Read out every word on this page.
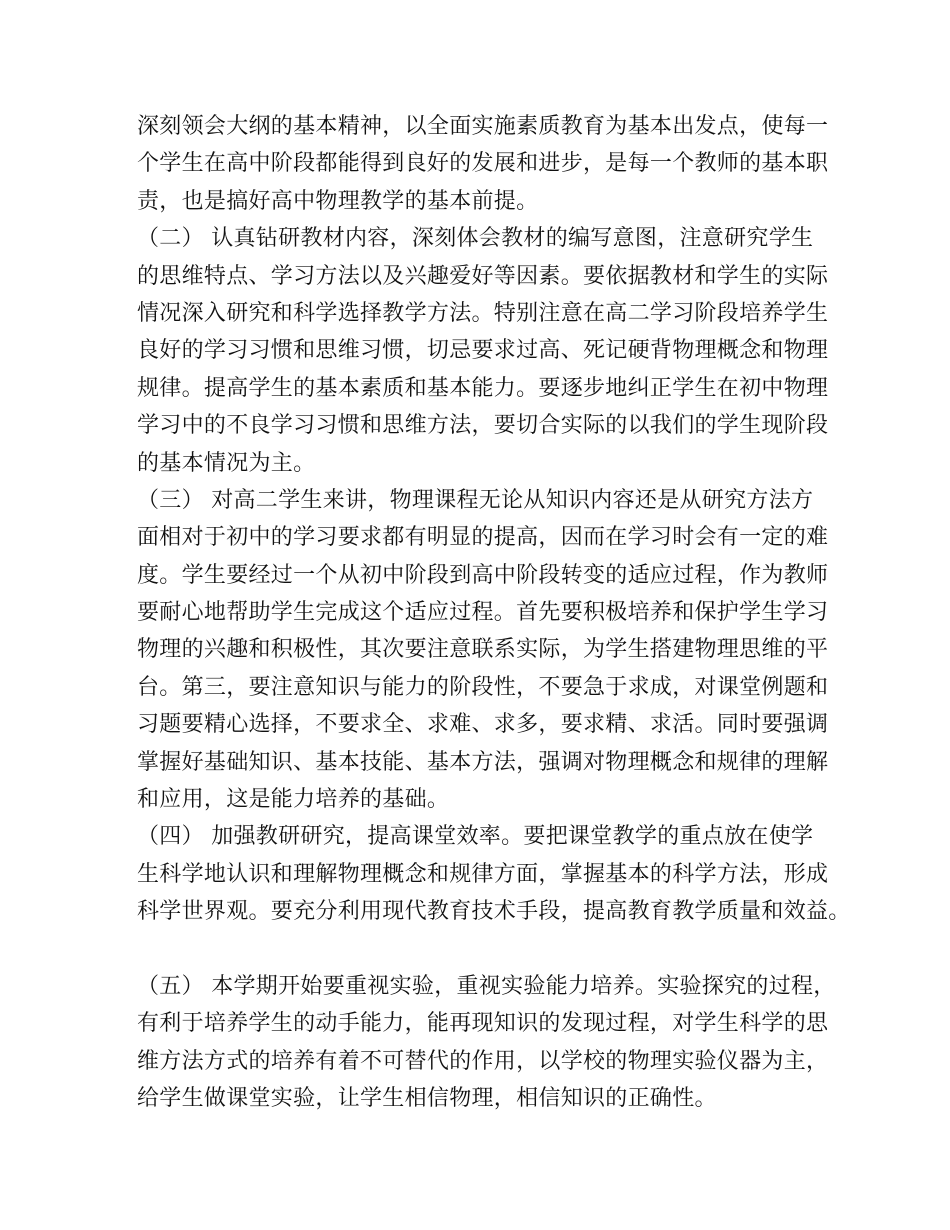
深刻领会大纲的基本精神，以全面实施素质教育为基本出发点，使每一
个学生在高中阶段都能得到良好的发展和进步，是每一个教师的基本职
责，也是搞好高中物理教学的基本前提。
（二） 认真钻研教材内容，深刻体会教材的编写意图，注意研究学生
的思维特点、学习方法以及兴趣爱好等因素。要依据教材和学生的实际
情况深入研究和科学选择教学方法。特别注意在高二学习阶段培养学生
良好的学习习惯和思维习惯，切忌要求过高、死记硬背物理概念和物理
规律。提高学生的基本素质和基本能力。要逐步地纠正学生在初中物理
学习中的不良学习习惯和思维方法，要切合实际的以我们的学生现阶段
的基本情况为主。
（三） 对高二学生来讲，物理课程无论从知识内容还是从研究方法方
面相对于初中的学习要求都有明显的提高，因而在学习时会有一定的难
度。学生要经过一个从初中阶段到高中阶段转变的适应过程，作为教师
要耐心地帮助学生完成这个适应过程。首先要积极培养和保护学生学习
物理的兴趣和积极性，其次要注意联系实际，为学生搭建物理思维的平
台。第三，要注意知识与能力的阶段性，不要急于求成，对课堂例题和
习题要精心选择，不要求全、求难、求多，要求精、求活。同时要强调
掌握好基础知识、基本技能、基本方法，强调对物理概念和规律的理解
和应用，这是能力培养的基础。
（四） 加强教研研究，提高课堂效率。要把课堂教学的重点放在使学
生科学地认识和理解物理概念和规律方面，掌握基本的科学方法，形成
科学世界观。要充分利用现代教育技术手段，提高教育教学质量和效益。
（五） 本学期开始要重视实验，重视实验能力培养。实验探究的过程，
有利于培养学生的动手能力，能再现知识的发现过程，对学生科学的思
维方法方式的培养有着不可替代的作用，以学校的物理实验仪器为主，
给学生做课堂实验，让学生相信物理，相信知识的正确性。
